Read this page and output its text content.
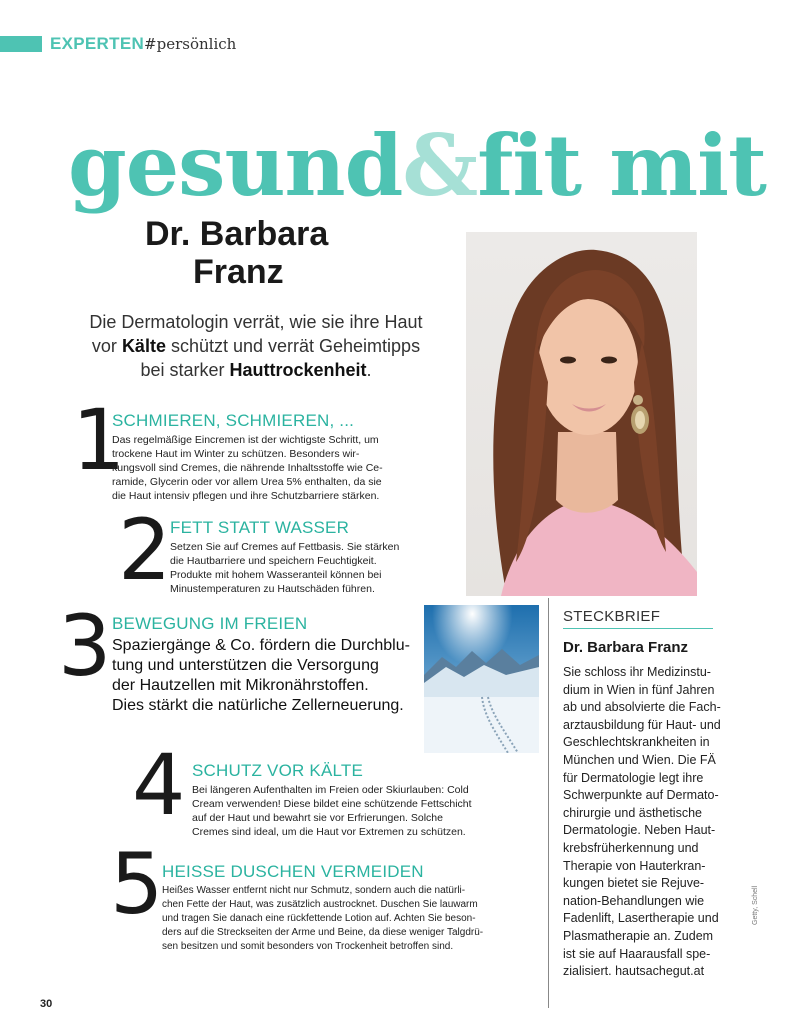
EXPERTEN#persönlich
gesund&fit mit
Dr. Barbara
Franz
Die Dermatologin verrät, wie sie ihre Haut
vor Kälte schützt und verrät Geheimtipps
bei starker Hauttrockenheit.
1
SCHMIEREN, SCHMIEREN, ...
Das regelmäßige Eincremen ist der wichtigste Schritt, um
trockene Haut im Winter zu schützen. Besonders wir-
kungsvoll sind Cremes, die nährende Inhaltsstoffe wie Ce-
ramide, Glycerin oder vor allem Urea 5% enthalten, da sie
die Haut intensiv pflegen und ihre Schutzbarriere stärken.
2
FETT STATT WASSER
Setzen Sie auf Cremes auf Fettbasis. Sie stärken
die Hautbarriere und speichern Feuchtigkeit.
Produkte mit hohem Wasseranteil können bei
Minustemperaturen zu Hautschäden führen.
3 BEWEGUNG IM FREIEN
Spaziergänge & Co. fördern die Durchblu-
tung und unterstützen die Versorgung
der Hautzellen mit Mikronährstoffen.
Dies stärkt die natürliche Zellerneuerung.
4 SCHUTZ VOR KÄLTE
Bei längeren Aufenthalten im Freien oder Skiurlauben: Cold
Cream verwenden! Diese bildet eine schützende Fettschicht
auf der Haut und bewahrt sie vor Erfrierungen. Solche
Cremes sind ideal, um die Haut vor Extremen zu schützen.
5
HEISSE DUSCHEN VERMEIDEN
Heißes Wasser entfernt nicht nur Schmutz, sondern auch die natürli-
chen Fette der Haut, was zusätzlich austrocknet. Duschen Sie lauwarm
und tragen Sie danach eine rückfettende Lotion auf. Achten Sie beson-
ders auf die Streckseiten der Arme und Beine, da diese weniger Talgdrü-
sen besitzen und somit besonders von Trockenheit betroffen sind.
STECKBRIEF
Dr. Barbara Franz
Sie schloss ihr Medizinstu-
dium in Wien in fünf Jahren
ab und absolvierte die Fach-
arztausbildung für Haut- und
Geschlechtskrankheiten in
München und Wien. Die FÄ
für Dermatologie legt ihre
Schwerpunkte auf Dermato-
chirurgie und ästhetische
Dermatologie. Neben Haut-
krebsfrüherkennung und
Therapie von Hauterkran-
kungen bietet sie Rejuve-
nation-Behandlungen wie
Fadenlift, Lasertherapie und
Plasmatherapie an. Zudem
ist sie auf Haarausfall spe-
zialisiert. hautsachegut.at
Getty, Schell
30
